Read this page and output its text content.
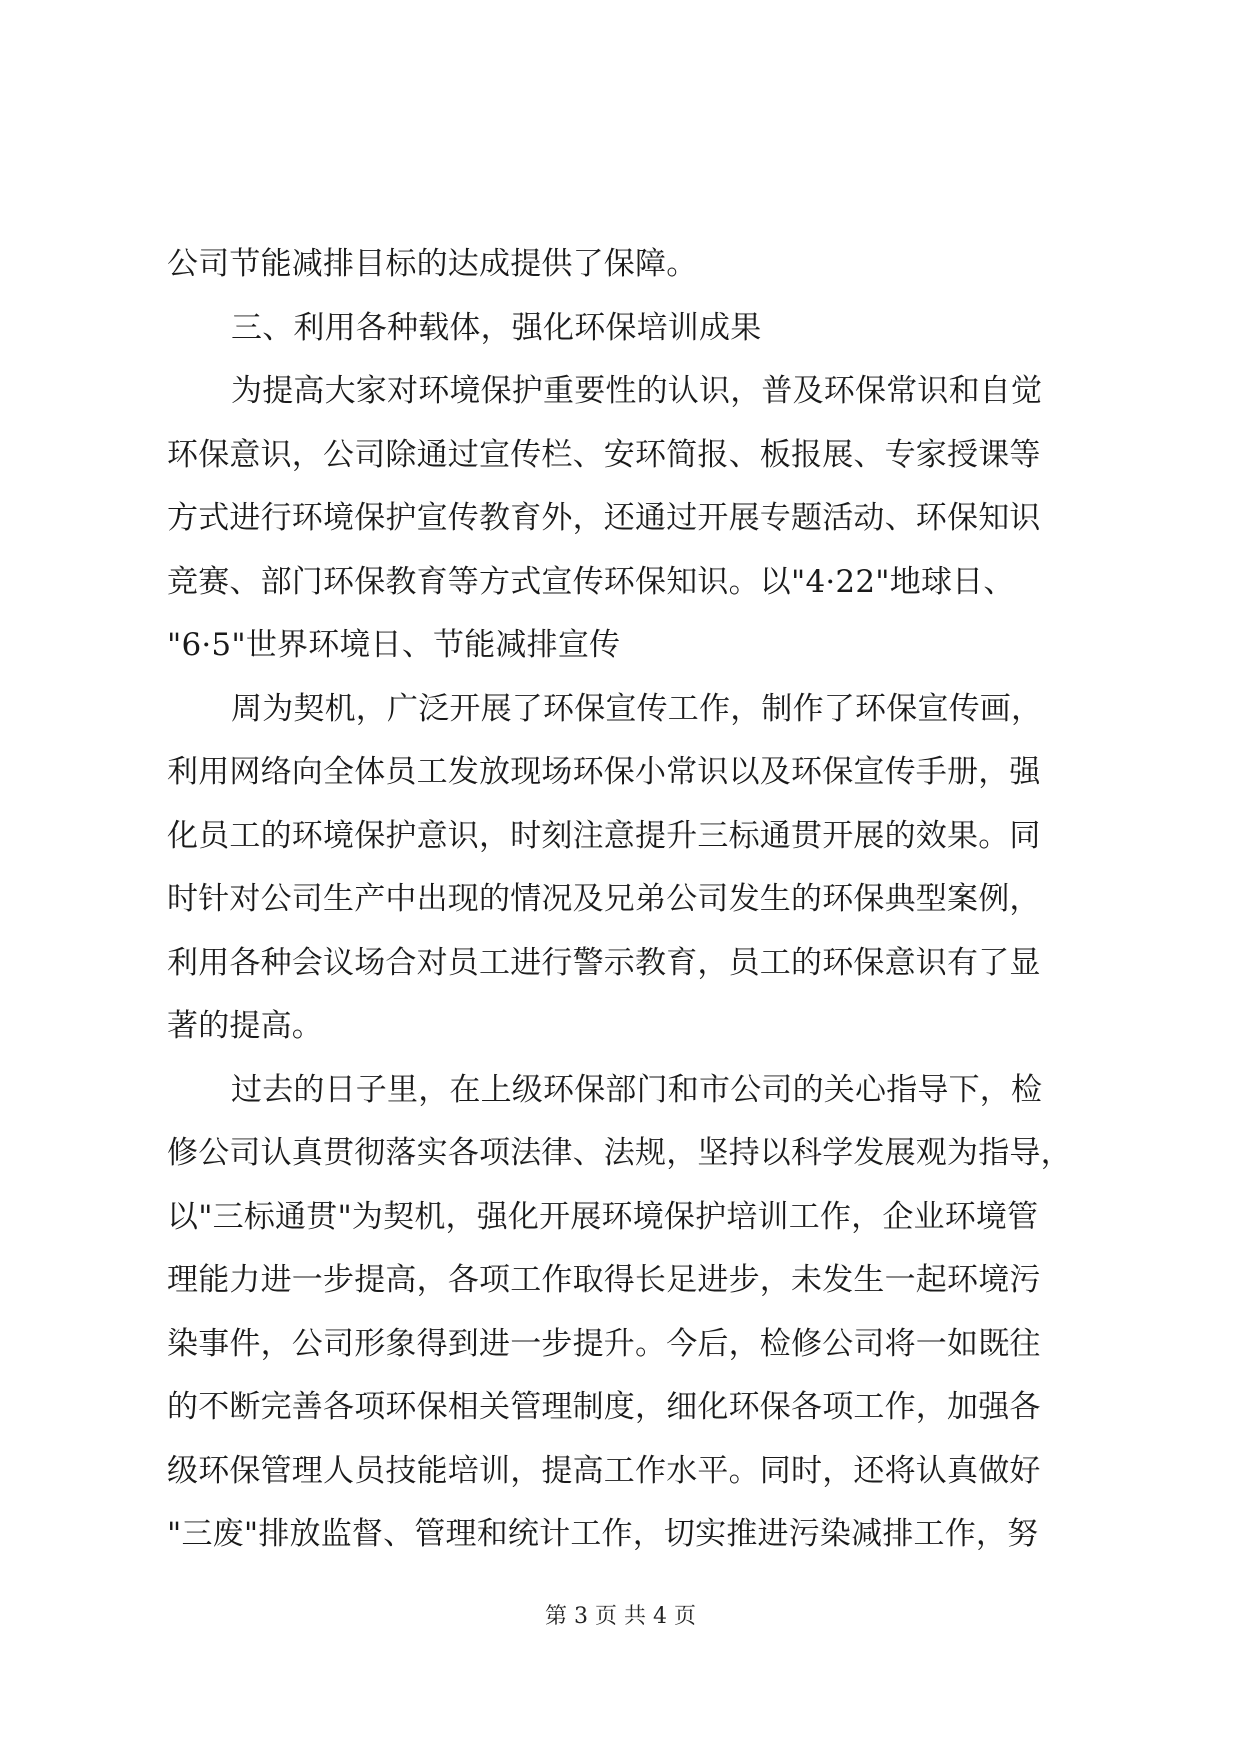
公司节能减排目标的达成提供了保障。
三、利用各种载体，强化环保培训成果
为提高大家对环境保护重要性的认识，普及环保常识和自觉
环保意识，公司除通过宣传栏、安环简报、板报展、专家授课等
方式进行环境保护宣传教育外，还通过开展专题活动、环保知识
竞赛、部门环保教育等方式宣传环保知识。以"4·22"地球日、
"6·5"世界环境日、节能减排宣传
周为契机，广泛开展了环保宣传工作，制作了环保宣传画，
利用网络向全体员工发放现场环保小常识以及环保宣传手册，强
化员工的环境保护意识，时刻注意提升三标通贯开展的效果。同
时针对公司生产中出现的情况及兄弟公司发生的环保典型案例，
利用各种会议场合对员工进行警示教育，员工的环保意识有了显
著的提高。
过去的日子里，在上级环保部门和市公司的关心指导下，检
修公司认真贯彻落实各项法律、法规，坚持以科学发展观为指导，
以"三标通贯"为契机，强化开展环境保护培训工作，企业环境管
理能力进一步提高，各项工作取得长足进步，未发生一起环境污
染事件，公司形象得到进一步提升。今后，检修公司将一如既往
的不断完善各项环保相关管理制度，细化环保各项工作，加强各
级环保管理人员技能培训，提高工作水平。同时，还将认真做好
"三废"排放监督、管理和统计工作，切实推进污染减排工作，努
第 3 页 共 4 页
